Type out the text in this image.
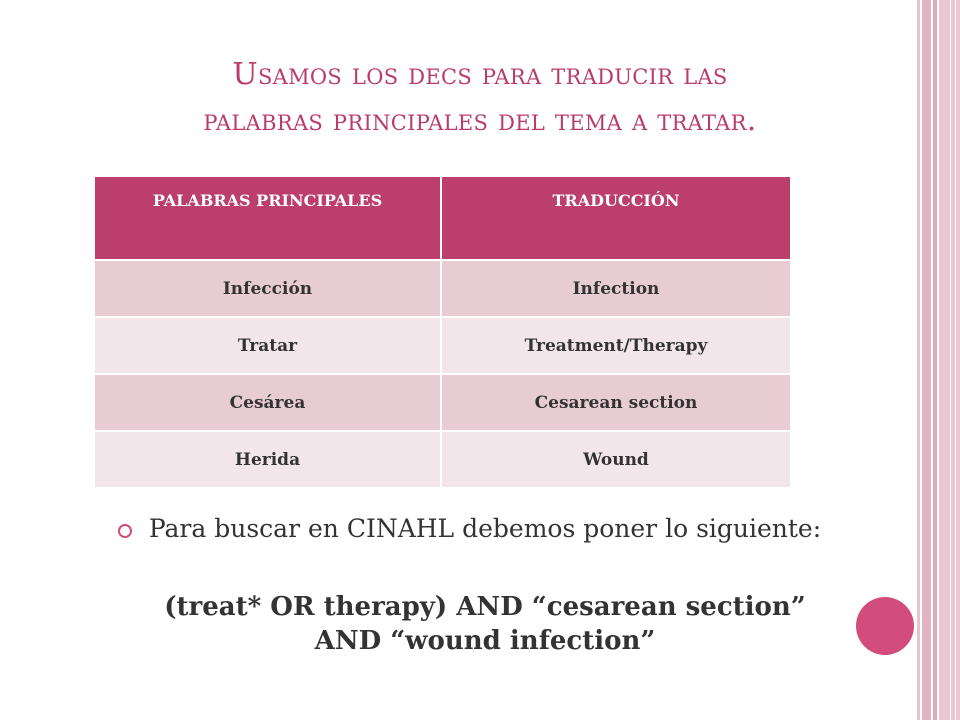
Usamos los decs para traducir las
palabras principales del tema a tratar.
PALABRAS PRINCIPALES	TRADUCCIÓN
Infección	Infection
Tratar	Treatment/Therapy
Cesárea	Cesarean section
Herida	Wound
Para buscar en CINAHL debemos poner lo siguiente:
(treat* OR therapy) AND “cesarean section”
AND “wound infection”
